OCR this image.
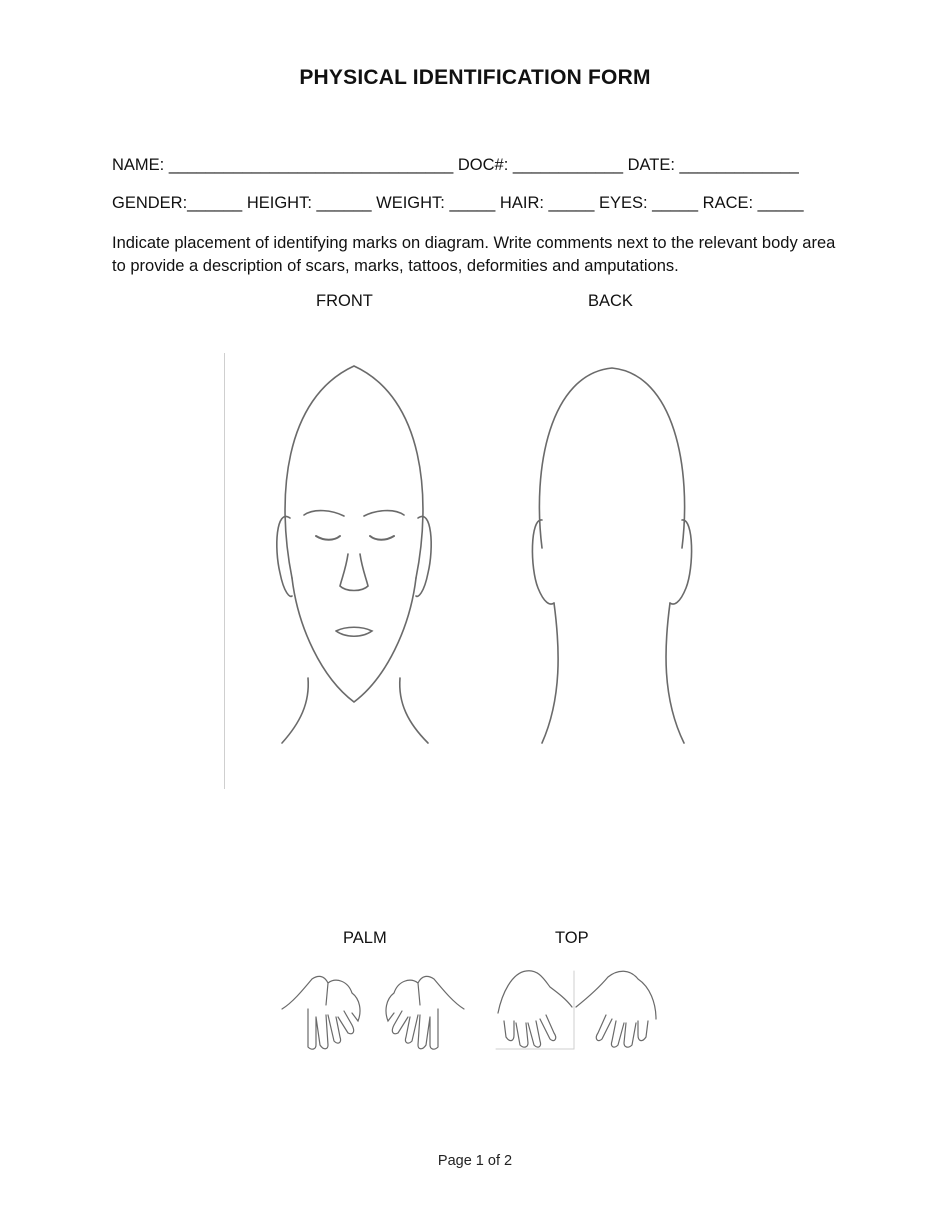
PHYSICAL IDENTIFICATION FORM
NAME: _______________________________ DOC#: ____________ DATE: _____________
GENDER:______ HEIGHT: ______ WEIGHT: _____ HAIR: _____ EYES: _____ RACE: _____
Indicate placement of identifying marks on diagram. Write comments next to the relevant body area to provide a description of scars, marks, tattoos, deformities and amputations.
FRONT	BACK
PALM	TOP
Page 1 of 2
